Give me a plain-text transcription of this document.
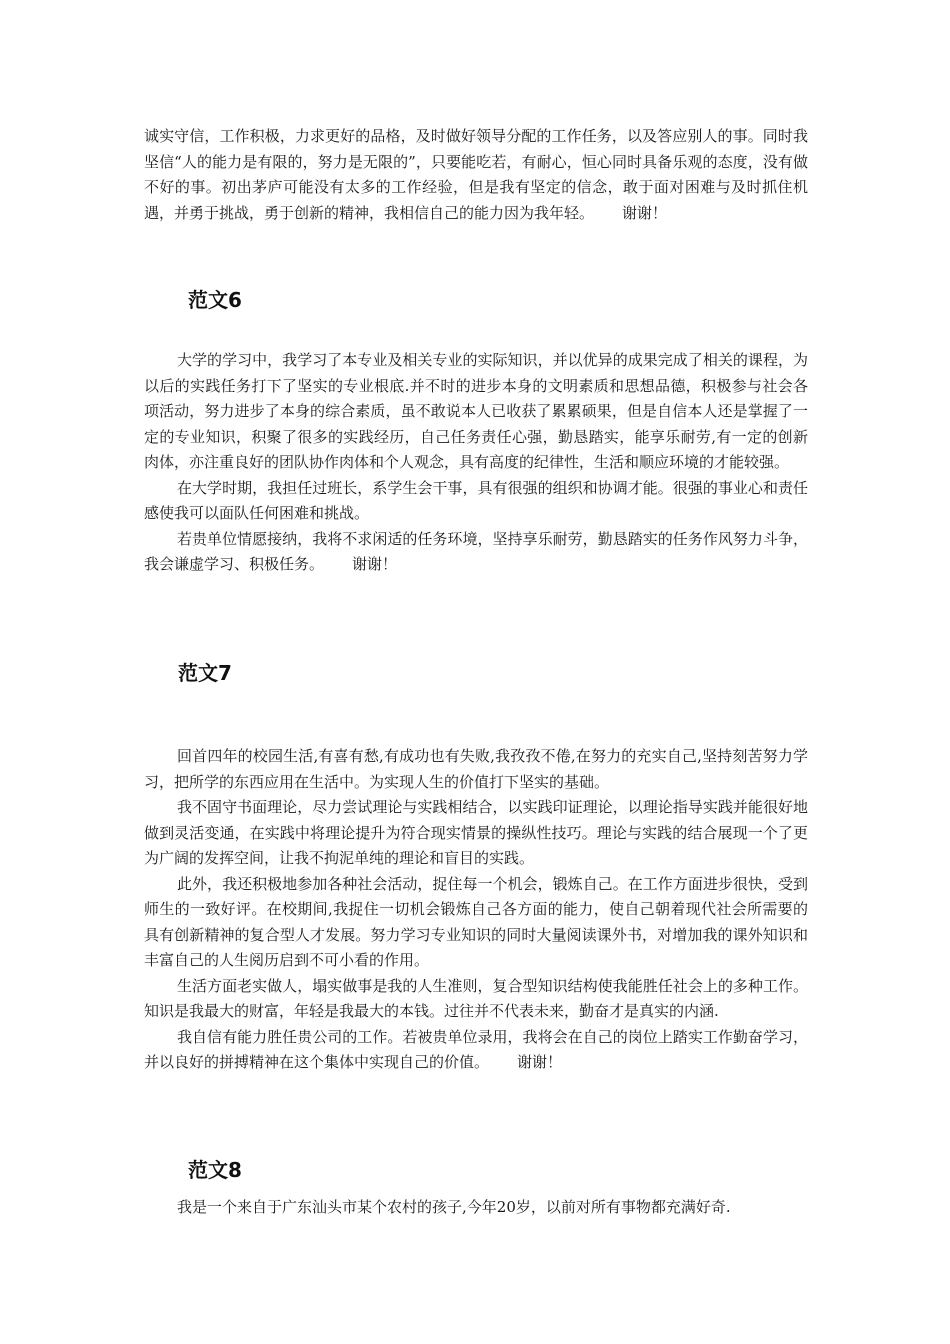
诚实守信，工作积极，力求更好的品格，及时做好领导分配的工作任务，以及答应别人的事。同时我坚信“人的能力是有限的，努力是无限的”，只要能吃若，有耐心，恒心同时具备乐观的态度，没有做不好的事。初出茅庐可能没有太多的工作经验，但是我有坚定的信念，敢于面对困难与及时抓住机遇，并勇于挑战，勇于创新的精神，我相信自己的能力因为我年轻。 谢谢！

范文6

大学的学习中，我学习了本专业及相关专业的实际知识，并以优异的成果完成了相关的课程，为以后的实践任务打下了坚实的专业根底.并不时的进步本身的文明素质和思想品德，积极参与社会各项活动，努力进步了本身的综合素质，虽不敢说本人已收获了累累硕果，但是自信本人还是掌握了一定的专业知识，积聚了很多的实践经历，自己任务责任心强，勤恳踏实，能享乐耐劳,有一定的创新肉体，亦注重良好的团队协作肉体和个人观念，具有高度的纪律性，生活和顺应环境的才能较强。

在大学时期，我担任过班长，系学生会干事，具有很强的组织和协调才能。很强的事业心和责任感使我可以面队任何困难和挑战。

若贵单位情愿接纳，我将不求闲适的任务环境，坚持享乐耐劳，勤恳踏实的任务作风努力斗争，我会谦虚学习、积极任务。 谢谢！

范文7

回首四年的校园生活,有喜有愁,有成功也有失败,我孜孜不倦,在努力的充实自己,坚持刻苦努力学习，把所学的东西应用在生活中。为实现人生的价值打下坚实的基础。

我不固守书面理论，尽力尝试理论与实践相结合，以实践印证理论，以理论指导实践并能很好地做到灵活变通，在实践中将理论提升为符合现实情景的操纵性技巧。理论与实践的结合展现一个了更为广阔的发挥空间，让我不拘泥单纯的理论和盲目的实践。

此外，我还积极地参加各种社会活动，捉住每一个机会，锻炼自己。在工作方面进步很快，受到师生的一致好评。在校期间,我捉住一切机会锻炼自己各方面的能力，使自己朝着现代社会所需要的具有创新精神的复合型人才发展。努力学习专业知识的同时大量阅读课外书，对增加我的课外知识和丰富自己的人生阅历启到不可小看的作用。

生活方面老实做人，塌实做事是我的人生准则，复合型知识结构使我能胜任社会上的多种工作。知识是我最大的财富，年轻是我最大的本钱。过往并不代表未来，勤奋才是真实的内涵.

我自信有能力胜任贵公司的工作。若被贵单位录用，我将会在自己的岗位上踏实工作勤奋学习，并以良好的拼搏精神在这个集体中实现自己的价值。 谢谢！

范文8

我是一个来自于广东汕头市某个农村的孩子,今年20岁，以前对所有事物都充满好奇.
